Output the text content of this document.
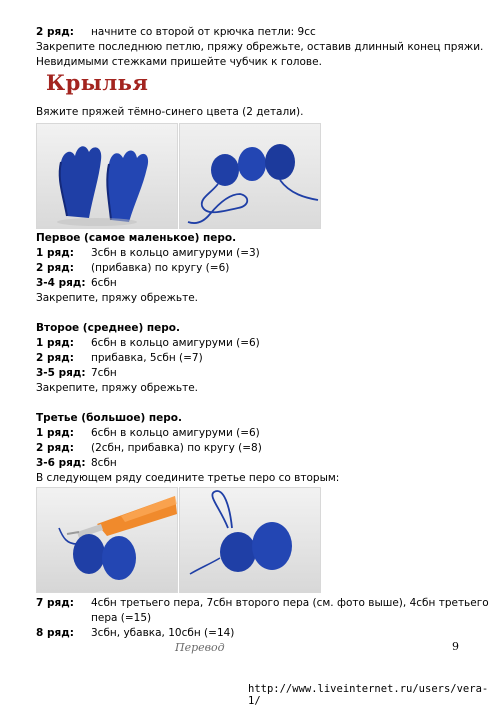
2 ряд: начните со второй от крючка петли: 9сс
Закрепите последнюю петлю, пряжу обрежьте, оставив длинный конец пряжи.
Невидимыми стежками пришейте чубчик к голове.
Крылья
Вяжите пряжей тёмно-синего цвета (2 детали).
Первое (самое маленькое) перо.
1 ряд: 3сбн в кольцо амигуруми (=3)
2 ряд: (прибавка) по кругу (=6)
3-4 ряд: 6сбн
Закрепите, пряжу обрежьте.
Второе (среднее) перо.
1 ряд: 6сбн в кольцо амигуруми (=6)
2 ряд: прибавка, 5сбн (=7)
3-5 ряд: 7сбн
Закрепите, пряжу обрежьте.
Третье (большое) перо.
1 ряд: 6сбн в кольцо амигуруми (=6)
2 ряд: (2сбн, прибавка) по кругу (=8)
3-6 ряд: 8сбн
В следующем ряду соедините третье перо со вторым:
7 ряд: 4сбн третьего пера, 7сбн второго пера (см. фото выше), 4сбн третьего
пера (=15)
8 ряд: 3сбн, убавка, 10сбн (=14)
Перевод	9
http://www.liveinternet.ru/users/vera-1/
